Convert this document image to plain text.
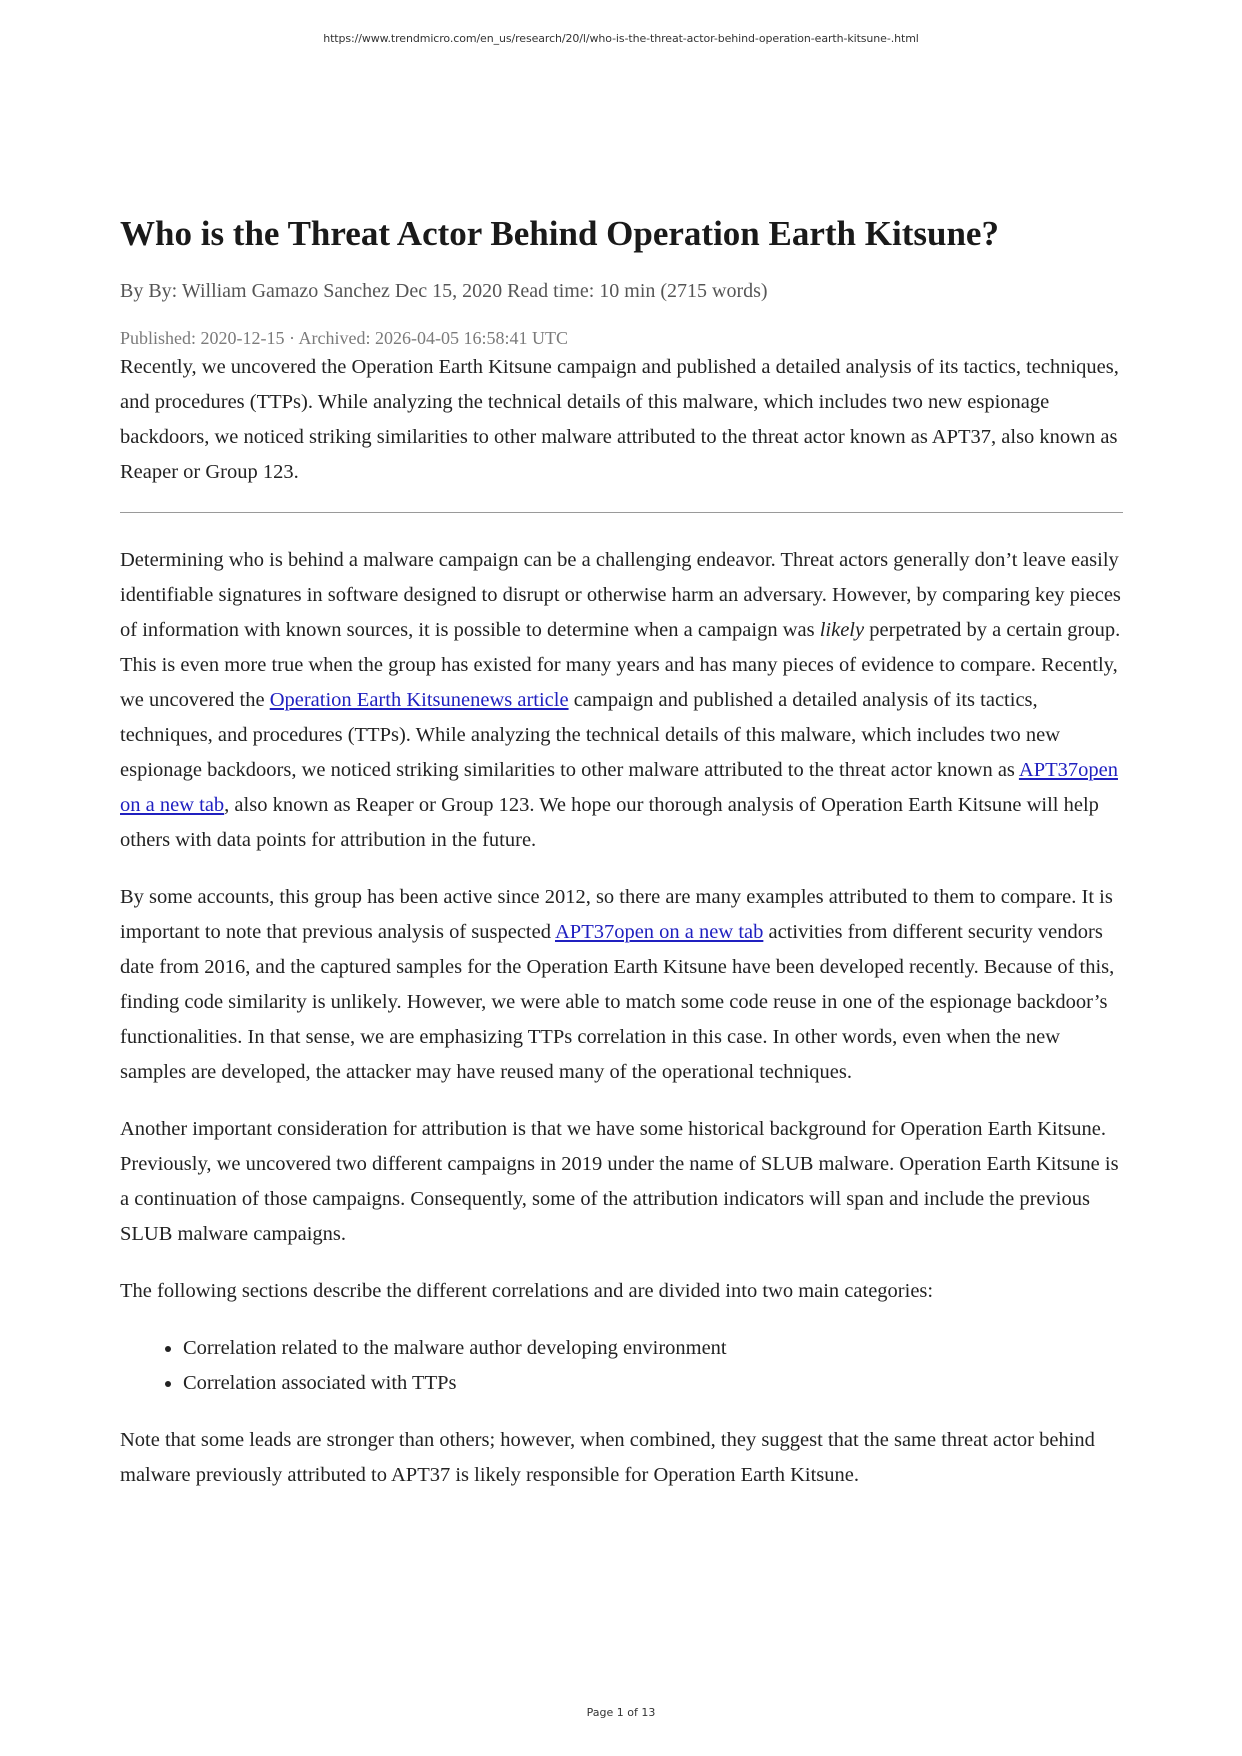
https://www.trendmicro.com/en_us/research/20/l/who-is-the-threat-actor-behind-operation-earth-kitsune-.html
Who is the Threat Actor Behind Operation Earth Kitsune?
By By: William Gamazo Sanchez Dec 15, 2020 Read time: 10 min (2715 words)
Published: 2020-12-15 · Archived: 2026-04-05 16:58:41 UTC

Recently, we uncovered the Operation Earth Kitsune campaign and published a detailed analysis of its tactics, techniques, and procedures (TTPs). While analyzing the technical details of this malware, which includes two new espionage backdoors, we noticed striking similarities to other malware attributed to the threat actor known as APT37, also known as Reaper or Group 123.

Determining who is behind a malware campaign can be a challenging endeavor. Threat actors generally don’t leave easily identifiable signatures in software designed to disrupt or otherwise harm an adversary. However, by comparing key pieces of information with known sources, it is possible to determine when a campaign was likely perpetrated by a certain group. This is even more true when the group has existed for many years and has many pieces of evidence to compare. Recently, we uncovered the Operation Earth Kitsunenews article campaign and published a detailed analysis of its tactics, techniques, and procedures (TTPs). While analyzing the technical details of this malware, which includes two new espionage backdoors, we noticed striking similarities to other malware attributed to the threat actor known as APT37open on a new tab, also known as Reaper or Group 123. We hope our thorough analysis of Operation Earth Kitsune will help others with data points for attribution in the future.

By some accounts, this group has been active since 2012, so there are many examples attributed to them to compare. It is important to note that previous analysis of suspected APT37open on a new tab activities from different security vendors date from 2016, and the captured samples for the Operation Earth Kitsune have been developed recently. Because of this, finding code similarity is unlikely. However, we were able to match some code reuse in one of the espionage backdoor’s functionalities. In that sense, we are emphasizing TTPs correlation in this case. In other words, even when the new samples are developed, the attacker may have reused many of the operational techniques.

Another important consideration for attribution is that we have some historical background for Operation Earth Kitsune. Previously, we uncovered two different campaigns in 2019 under the name of SLUB malware. Operation Earth Kitsune is a continuation of those campaigns. Consequently, some of the attribution indicators will span and include the previous SLUB malware campaigns.

The following sections describe the different correlations and are divided into two main categories:

• Correlation related to the malware author developing environment
• Correlation associated with TTPs

Note that some leads are stronger than others; however, when combined, they suggest that the same threat actor behind malware previously attributed to APT37 is likely responsible for Operation Earth Kitsune.

Page 1 of 13
